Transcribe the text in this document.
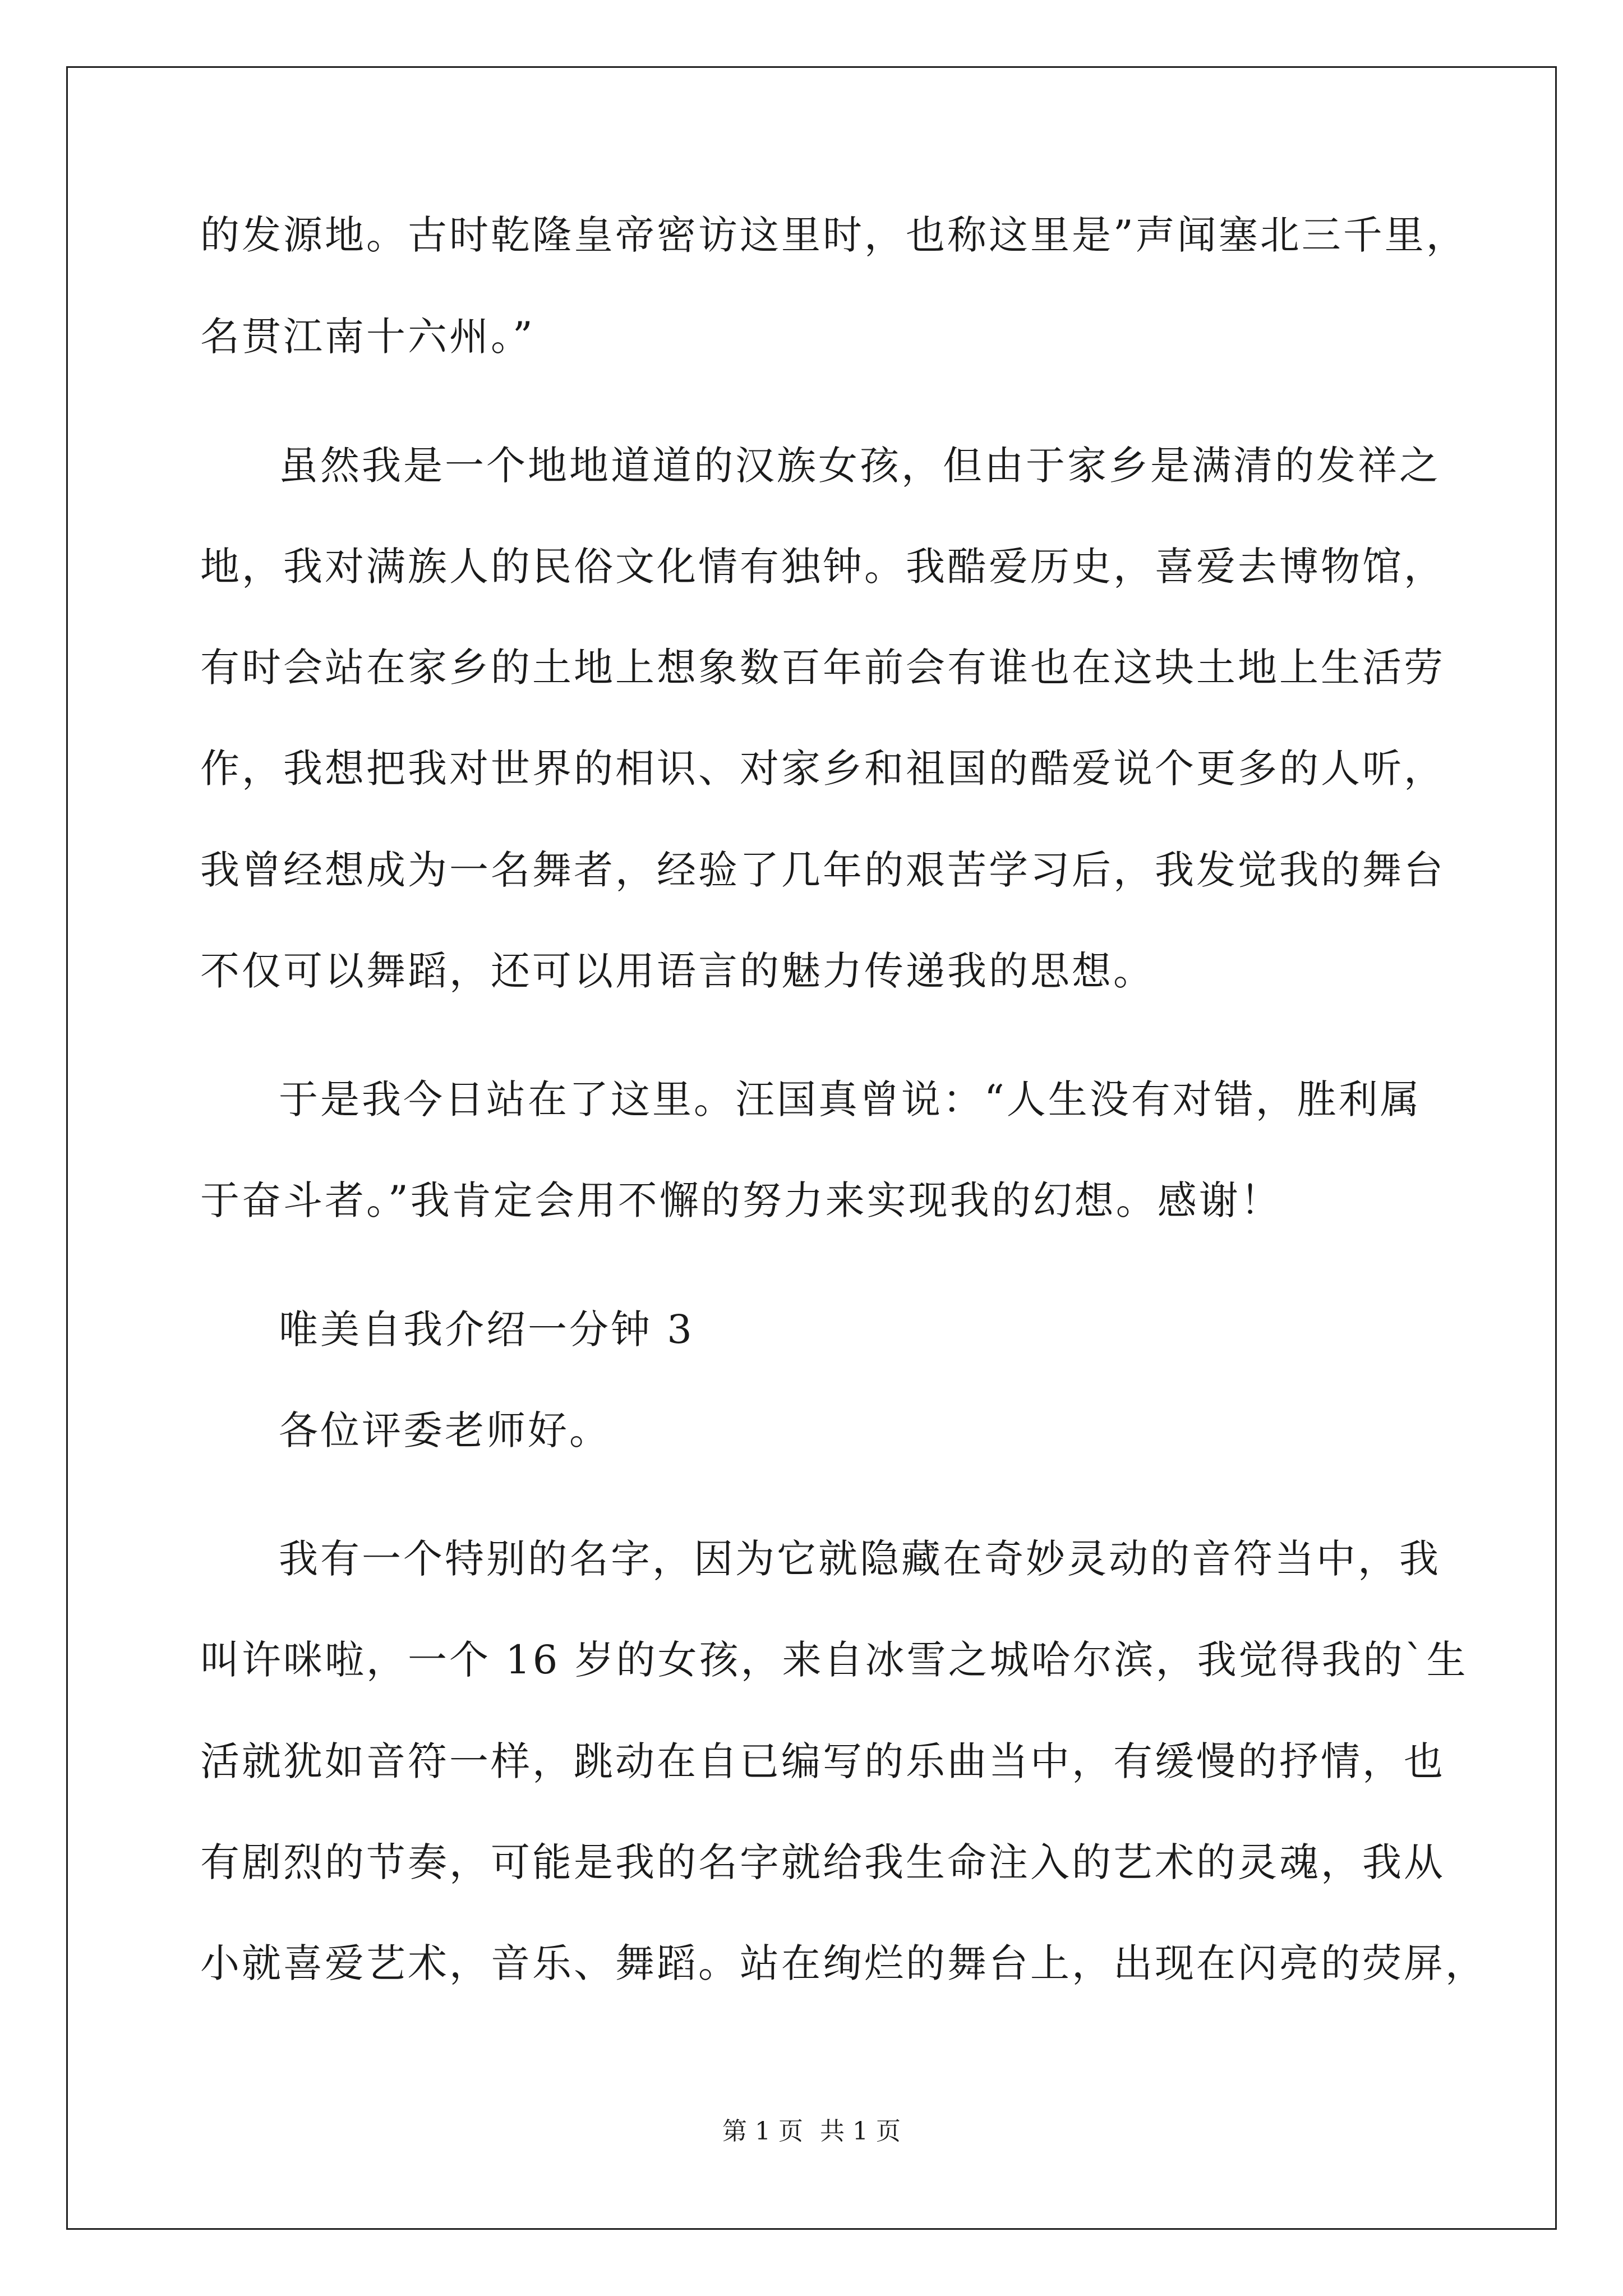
的发源地。古时乾隆皇帝密访这里时，也称这里是”声闻塞北三千里，
名贯江南十六州。”
虽然我是一个地地道道的汉族女孩，但由于家乡是满清的发祥之
地，我对满族人的民俗文化情有独钟。我酷爱历史，喜爱去博物馆，
有时会站在家乡的土地上想象数百年前会有谁也在这块土地上生活劳
作，我想把我对世界的相识、对家乡和祖国的酷爱说个更多的人听，
我曾经想成为一名舞者，经验了几年的艰苦学习后，我发觉我的舞台
不仅可以舞蹈，还可以用语言的魅力传递我的思想。
于是我今日站在了这里。汪国真曾说：“人生没有对错，胜利属
于奋斗者。”我肯定会用不懈的努力来实现我的幻想。感谢！
唯美自我介绍一分钟 3
各位评委老师好。
我有一个特别的名字，因为它就隐藏在奇妙灵动的音符当中，我
叫许咪啦，一个 16 岁的女孩，来自冰雪之城哈尔滨，我觉得我的`生
活就犹如音符一样，跳动在自已编写的乐曲当中，有缓慢的抒情，也
有剧烈的节奏，可能是我的名字就给我生命注入的艺术的灵魂，我从
小就喜爱艺术，音乐、舞蹈。站在绚烂的舞台上，出现在闪亮的荧屏，
第 1 页 共 1 页
